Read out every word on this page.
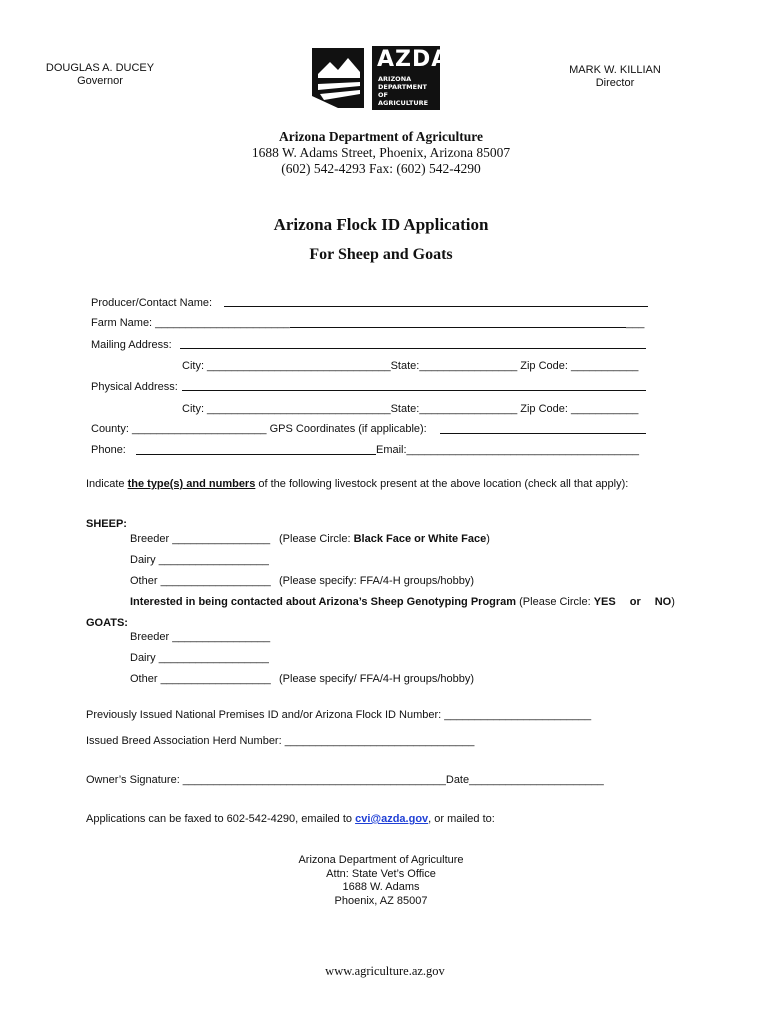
DOUGLAS A. DUCEY
Governor
AZDA
ARIZONA
DEPARTMENT
OF AGRICULTURE
MARK W. KILLIAN
Director
Arizona Department of Agriculture
1688 W. Adams Street, Phoenix, Arizona 85007
(602) 542-4293 Fax: (602) 542-4290
Arizona Flock ID Application
For Sheep and Goats
Producer/Contact Name:
Farm Name: ______________________	___
Mailing Address:
City: ______________________________State:________________ Zip Code: ___________
Physical Address:
City: ______________________________State:________________ Zip Code: ___________
County: ______________________ GPS Coordinates (if applicable):
Phone:	Email:______________________________________
Indicate the type(s) and numbers of the following livestock present at the above location (check all that apply):
SHEEP:
Breeder ________________ (Please Circle: Black Face or White Face)
Dairy __________________
Other __________________ (Please specify: FFA/4-H groups/hobby)
Interested in being contacted about Arizona’s Sheep Genotyping Program (Please Circle: YES or NO)
GOATS:
Breeder ________________
Dairy __________________
Other __________________ (Please specify/ FFA/4-H groups/hobby)
Previously Issued National Premises ID and/or Arizona Flock ID Number: ________________________
Issued Breed Association Herd Number: _______________________________
Owner’s Signature: ___________________________________________Date______________________
Applications can be faxed to 602-542-4290, emailed to cvi@azda.gov, or mailed to:
Arizona Department of Agriculture
Attn: State Vet’s Office
1688 W. Adams
Phoenix, AZ 85007
www.agriculture.az.gov
